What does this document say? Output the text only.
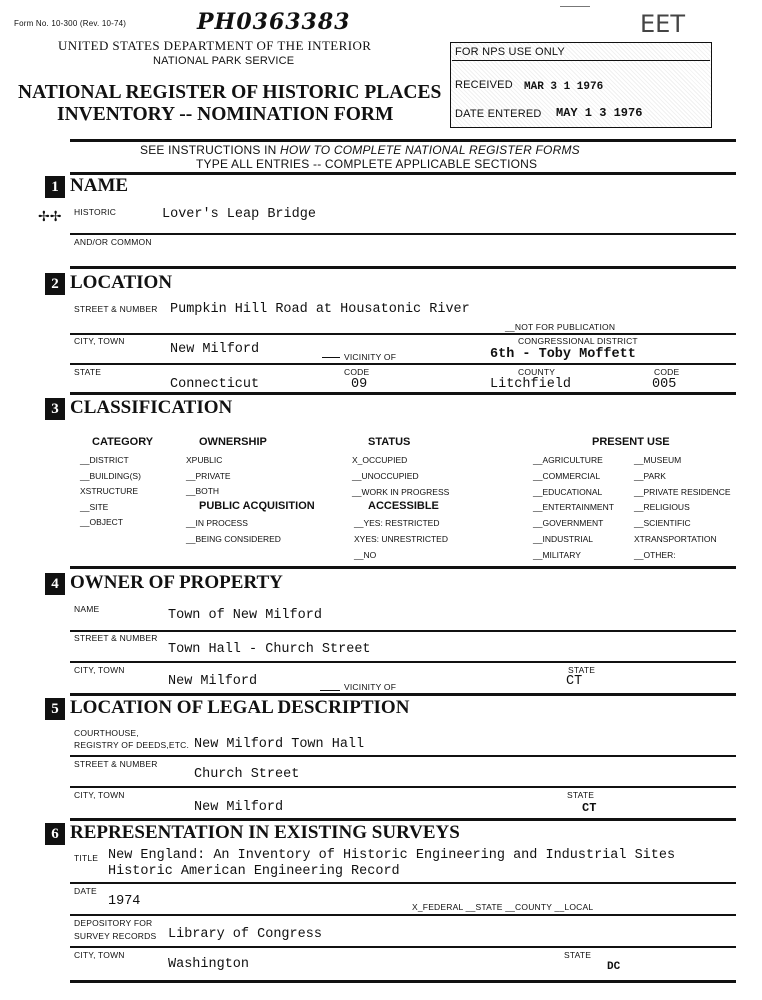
Form No. 10-300 (Rev. 10-74)	PH0363383	EET
UNITED STATES DEPARTMENT OF THE INTERIOR
NATIONAL PARK SERVICE
NATIONAL REGISTER OF HISTORIC PLACES
INVENTORY -- NOMINATION FORM
FOR NPS USE ONLY
RECEIVED MAR 3 1 1976
DATE ENTERED MAY 1 3 1976
SEE INSTRUCTIONS IN HOW TO COMPLETE NATIONAL REGISTER FORMS
TYPE ALL ENTRIES -- COMPLETE APPLICABLE SECTIONS
1 NAME
✢✢ HISTORIC	Lover's Leap Bridge
AND/OR COMMON
2 LOCATION
STREET & NUMBER Pumpkin Hill Road at Housatonic River
__NOT FOR PUBLICATION
CITY, TOWN
New Milford	VICINITY OF
CONGRESSIONAL DISTRICT
6th - Toby Moffett
STATE
Connecticut
CODE
09
COUNTY
Litchfield
CODE
005
3 CLASSIFICATION
CATEGORY
__DISTRICT
__BUILDING(S)
XSTRUCTURE
__SITE
__OBJECT
OWNERSHIP
XPUBLIC
__PRIVATE
__BOTH
PUBLIC ACQUISITION
__IN PROCESS
__BEING CONSIDERED
STATUS
X_OCCUPIED
__UNOCCUPIED
__WORK IN PROGRESS
ACCESSIBLE
__YES: RESTRICTED
XYES: UNRESTRICTED
__NO
PRESENT USE
__AGRICULTURE
__COMMERCIAL
__EDUCATIONAL
__ENTERTAINMENT
__GOVERNMENT
__INDUSTRIAL
__MILITARY
__MUSEUM
__PARK
__PRIVATE RESIDENCE
__RELIGIOUS
__SCIENTIFIC
XTRANSPORTATION
__OTHER:
4 OWNER OF PROPERTY
NAME	Town of New Milford
STREET & NUMBER
Town Hall - Church Street
CITY, TOWN
New Milford	VICINITY OF
STATE
CT
5 LOCATION OF LEGAL DESCRIPTION
COURTHOUSE,
REGISTRY OF DEEDS,ETC. New Milford Town Hall
STREET & NUMBER
Church Street
CITY, TOWN
New Milford
STATE
CT
6 REPRESENTATION IN EXISTING SURVEYS
TITLE New England: An Inventory of Historic Engineering and Industrial Sites
Historic American Engineering Record
DATE
1974	X_FEDERAL __STATE __COUNTY __LOCAL
DEPOSITORY FOR
SURVEY RECORDS Library of Congress
CITY, TOWN
Washington
STATE
DC
